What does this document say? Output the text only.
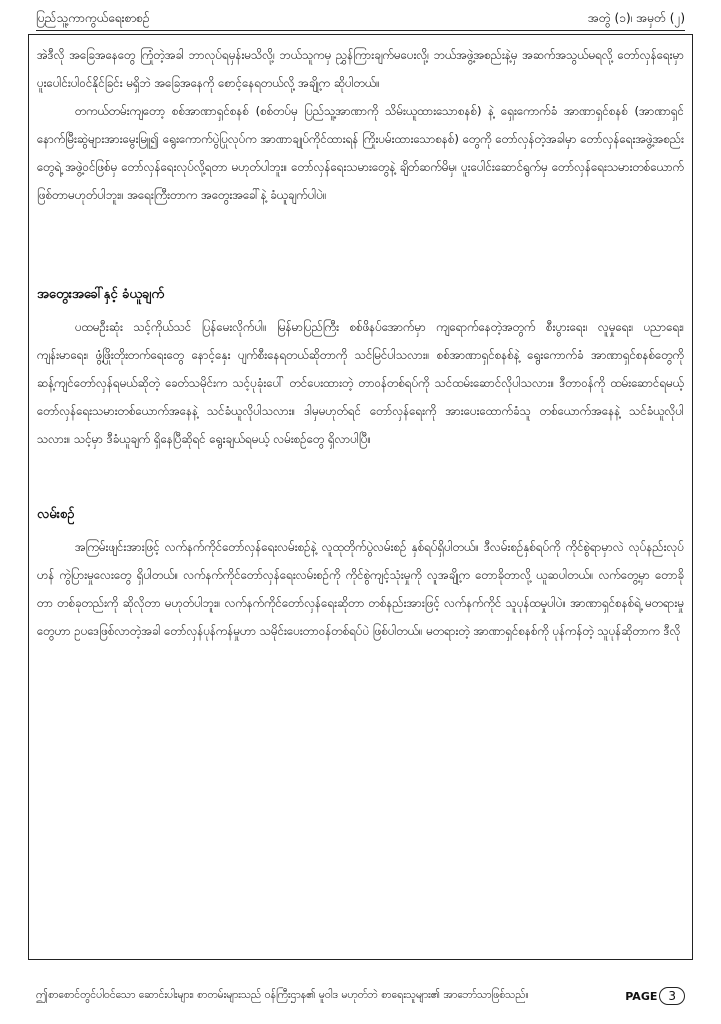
ပြည်သူ့ကာကွယ်ရေးစာစဥ်	အတွဲ (၁)၊ အမှတ် (၂)

အဲဒီလို အခြေအနေတွေ ကြုံတဲ့အခါ ဘာလုပ်ရမှန်းမသိလို့၊ ဘယ်သူကမှ ညွှန်ကြားချက်မပေးလို့၊ ဘယ်အဖွဲ့အစည်းနဲ့မှ အဆက်အသွယ်မရလို့ တော်လှန်ရေးမှာ ပူးပေါင်းပါဝင်နိုင်ခြင်း မရှိဘဲ အခြေအနေကို စောင့်နေရတယ်လို့ အချို့က ဆိုပါတယ်။

တကယ်တမ်းကျတော့ စစ်အာဏာရှင်စနစ် (စစ်တပ်မှ ပြည်သူ့အာဏာကို သိမ်းယူထားသောစနစ်) နဲ့ ရှေးကောက်ခံ အာဏာရှင်စနစ် (အာဏာရှင် နောက်မြီးဆွဲများအားမွေးမြူ၍ ရွေးကောက်ပွဲပြုလုပ်က အာဏာချုပ်ကိုင်ထားရန် ကြိုးပမ်းထားသောစနစ်) တွေကို တော်လှန်တဲ့အခါမှာ တော်လှန်ရေးအဖွဲ့အစည်းတွေရဲ့ အဖွဲ့ဝင်ဖြစ်မှ တော်လှန်ရေးလုပ်လို့ရတာ မဟုတ်ပါဘူး။ တော်လှန်ရေးသမားတွေနဲ့ ချိတ်ဆက်မိမှ၊ ပူးပေါင်းဆောင်ရွက်မှ တော်လှန်ရေးသမားတစ်ယောက် ဖြစ်တာမဟုတ်ပါဘူး။ အရေးကြီးတာက အတွေးအခေါ်နဲ့ ခံယူချက်ပါပဲ။

အတွေးအခေါ်နှင့် ခံယူချက်

ပထမဦးဆုံး သင့်ကိုယ်သင် ပြန်မေးလိုက်ပါ။ မြန်မာပြည်ကြီး စစ်ဖိနပ်အောက်မှာ ကျရောက်နေတဲ့အတွက် စီးပွားရေး၊ လူမှုရေး၊ ပညာရေး၊ ကျန်းမာရေး၊ ဖွံ့ဖြိုးတိုးတက်ရေးတွေ နောင့်နှေး ပျက်စီးနေရတယ်ဆိုတာကို သင်မြင်ပါသလား။ စစ်အာဏာရှင်စနစ်နဲ့ ရွေးကောက်ခံ အာဏာရှင်စနစ်တွေကို ဆန့်ကျင်တော်လှန်ရမယ်ဆိုတဲ့ ခေတ်သမိုင်းက သင့်ပုခုံးပေါ် တင်ပေးထားတဲ့ တာဝန်တစ်ရပ်ကို သင်ထမ်းဆောင်လိုပါသလား။ ဒီတာဝန်ကို ထမ်းဆောင်ရမယ့် တော်လှန်ရေးသမားတစ်ယောက်အနေနဲ့ သင်ခံယူလိုပါသလား။ ဒါမှမဟုတ်ရင် တော်လှန်ရေးကို အားပေးထောက်ခံသူ တစ်ယောက်အနေနဲ့ သင်ခံယူလိုပါသလား။ သင့်မှာ ဒီခံယူချက် ရှိနေပြီဆိုရင် ရွေးချယ်ရမယ့် လမ်းစဉ်တွေ ရှိလာပါပြီ။

လမ်းစဉ်

အကြမ်းဖျင်းအားဖြင့် လက်နက်ကိုင်တော်လှန်ရေးလမ်းစဉ်နဲ့ လူထုတိုက်ပွဲလမ်းစဉ် နှစ်ရပ်ရှိပါတယ်။ ဒီလမ်းစဉ်နှစ်ရပ်ကို ကိုင်စွဲရာမှာလဲ လုပ်နည်းလုပ်ဟန် ကွဲပြားမှုလေးတွေ ရှိပါတယ်။ လက်နက်ကိုင်တော်လှန်ရေးလမ်းစဉ်ကို ကိုင်စွဲကျင့်သုံးမှုကို လူအချို့က တောခိုတာလို့ ယူဆပါတယ်။ လက်တွေ့မှာ တောခိုတာ တစ်ခုတည်းကို ဆိုလိုတာ မဟုတ်ပါဘူး။ လက်နက်ကိုင်တော်လှန်ရေးဆိုတာ တစ်နည်းအားဖြင့် လက်နက်ကိုင် သူပုန်ထမှုပါပဲ။ အာဏာရှင်စနစ်ရဲ့ မတရားမှုတွေဟာ ဥပဒေဖြစ်လာတဲ့အခါ တော်လှန်ပုန်ကန်မှုဟာ သမိုင်းပေးတာဝန်တစ်ရပ်ပဲ ဖြစ်ပါတယ်။ မတရားတဲ့ အာဏာရှင်စနစ်ကို ပုန်ကန်တဲ့ သူပုန်ဆိုတာက ဒီလို

ဤစာစောင်တွင်ပါဝင်သော ဆောင်းပါးများ၊ စာတမ်းများသည် ဝန်ကြီးဌာန၏ မူဝါဒ မဟုတ်ဘဲ စာရေးသူများ၏ အာဘော်သာဖြစ်သည်။	PAGE 3
